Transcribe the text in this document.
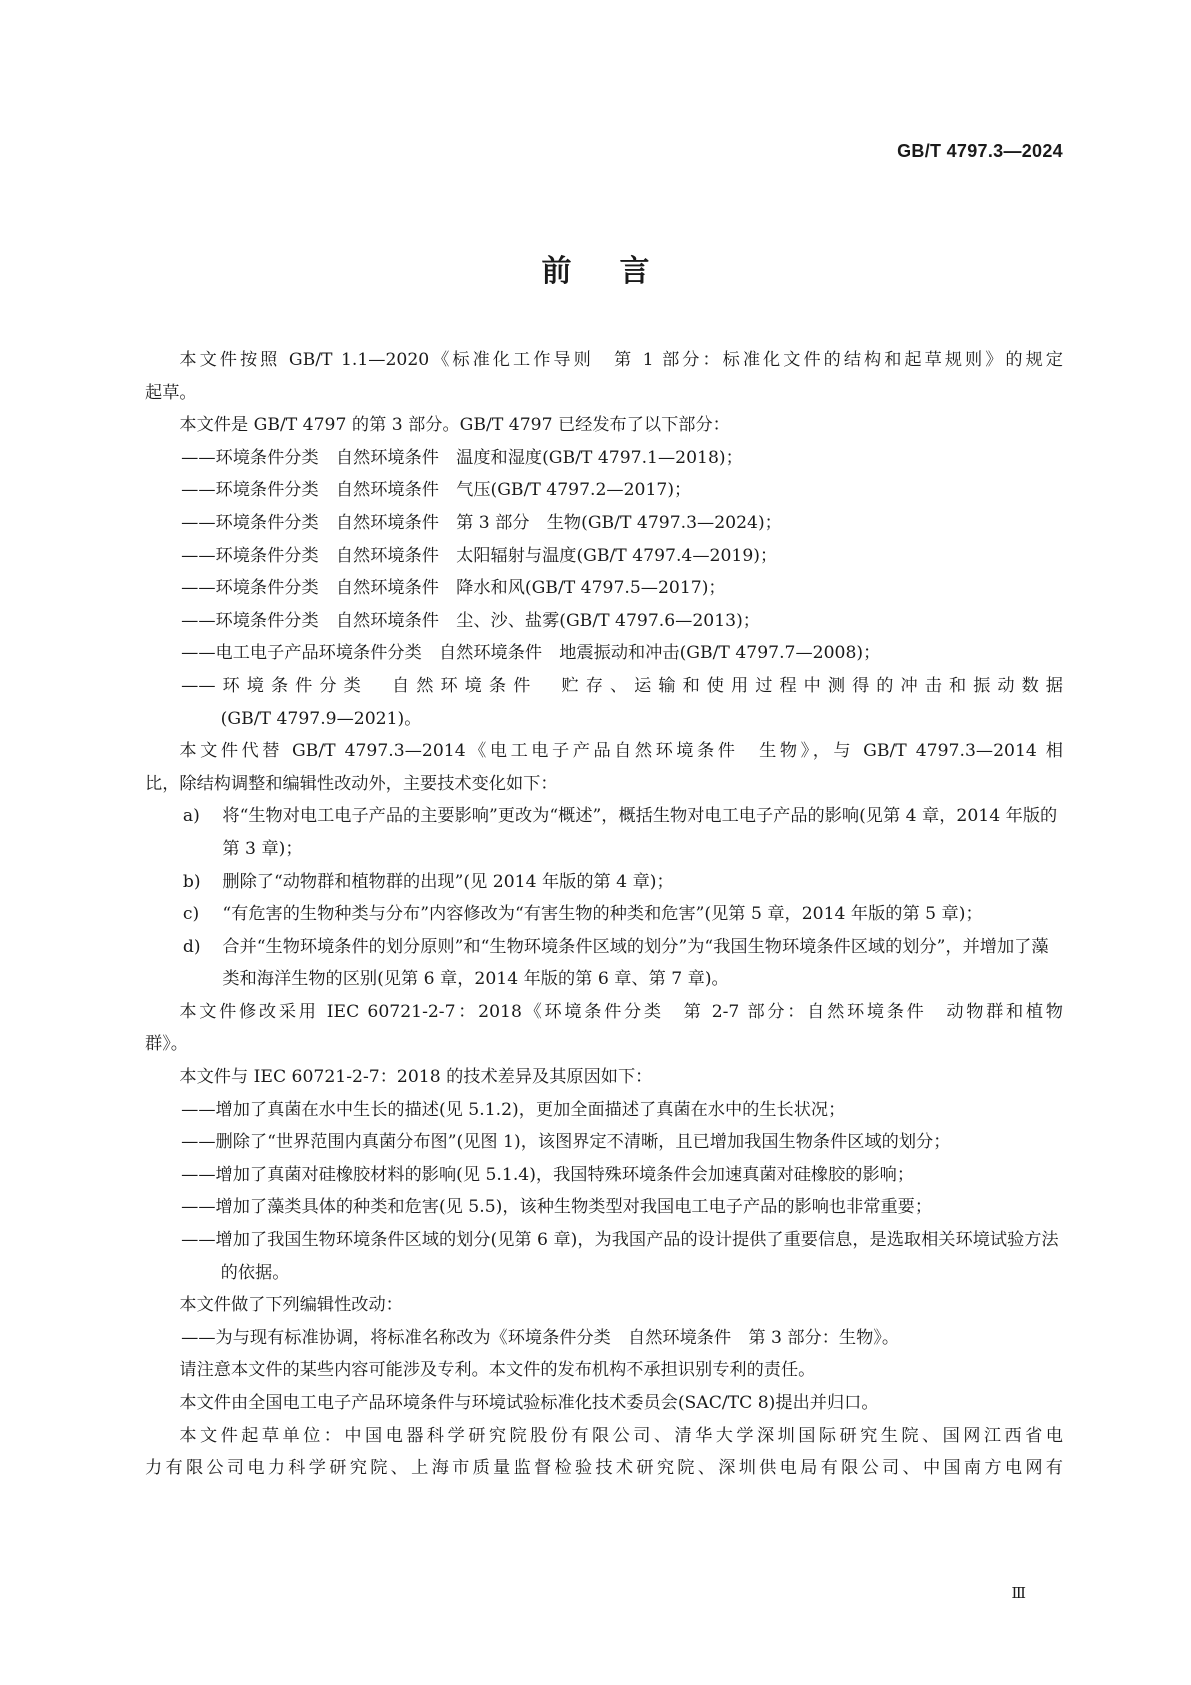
GB/T 4797.3—2024
前言

本文件按照 GB/T 1.1—2020《标准化工作导则　第 1 部分：标准化文件的结构和起草规则》的规定

起草。

本文件是 GB/T 4797 的第 3 部分。GB/T 4797 已经发布了以下部分：

——环境条件分类　自然环境条件　温度和湿度(GB/T 4797.1—2018)；

——环境条件分类　自然环境条件　气压(GB/T 4797.2—2017)；

——环境条件分类　自然环境条件　第 3 部分　生物(GB/T 4797.3—2024)；

——环境条件分类　自然环境条件　太阳辐射与温度(GB/T 4797.4—2019)；

——环境条件分类　自然环境条件　降水和风(GB/T 4797.5—2017)；

——环境条件分类　自然环境条件　尘、沙、盐雾(GB/T 4797.6—2013)；

——电工电子产品环境条件分类　自然环境条件　地震振动和冲击(GB/T 4797.7—2008)；

——环境条件分类　自然环境条件　贮存、运输和使用过程中测得的冲击和振动数据

(GB/T 4797.9—2021)。

本文件代替 GB/T 4797.3—2014《电工电子产品自然环境条件　生物》，与 GB/T 4797.3—2014 相

比，除结构调整和编辑性改动外，主要技术变化如下：

a) 将“生物对电工电子产品的主要影响”更改为“概述”，概括生物对电工电子产品的影响(见第 4 章，2014 年版的第 3 章)；

b) 删除了“动物群和植物群的出现”(见 2014 年版的第 4 章)；

c) “有危害的生物种类与分布”内容修改为“有害生物的种类和危害”(见第 5 章，2014 年版的第 5 章)；

d) 合并“生物环境条件的划分原则”和“生物环境条件区域的划分”为“我国生物环境条件区域的划分”，并增加了藻类和海洋生物的区别(见第 6 章，2014 年版的第 6 章、第 7 章)。

本文件修改采用 IEC 60721-2-7：2018《环境条件分类　第 2-7 部分：自然环境条件　动物群和植物

群》。

本文件与 IEC 60721-2-7：2018 的技术差异及其原因如下：

——增加了真菌在水中生长的描述(见 5.1.2)，更加全面描述了真菌在水中的生长状况；

——删除了“世界范围内真菌分布图”(见图 1)，该图界定不清晰，且已增加我国生物条件区域的划分；

——增加了真菌对硅橡胶材料的影响(见 5.1.4)，我国特殊环境条件会加速真菌对硅橡胶的影响；

——增加了藻类具体的种类和危害(见 5.5)，该种生物类型对我国电工电子产品的影响也非常重要；

——增加了我国生物环境条件区域的划分(见第 6 章)，为我国产品的设计提供了重要信息，是选取相关环境试验方法的依据。

本文件做了下列编辑性改动：

——为与现有标准协调，将标准名称改为《环境条件分类　自然环境条件　第 3 部分：生物》。

请注意本文件的某些内容可能涉及专利。本文件的发布机构不承担识别专利的责任。

本文件由全国电工电子产品环境条件与环境试验标准化技术委员会(SAC/TC 8)提出并归口。

本文件起草单位：中国电器科学研究院股份有限公司、清华大学深圳国际研究生院、国网江西省电

力有限公司电力科学研究院、上海市质量监督检验技术研究院、深圳供电局有限公司、中国南方电网有

Ⅲ
